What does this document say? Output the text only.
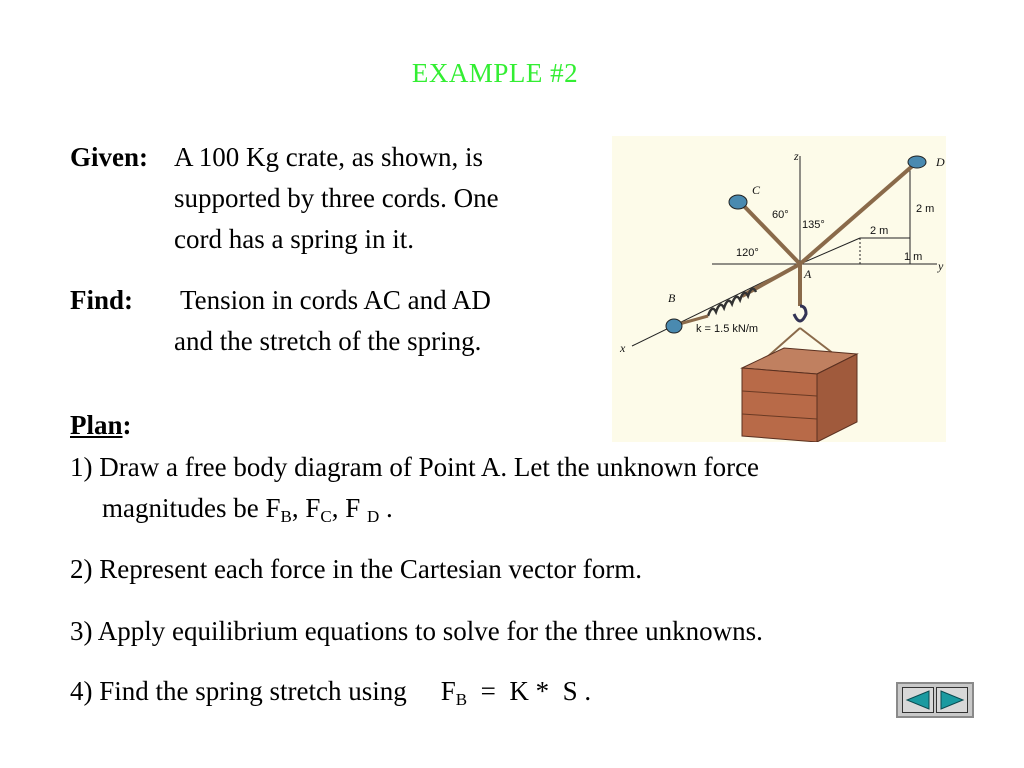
EXAMPLE #2
Given: A 100 Kg crate, as shown, is
supported by three cords. One
cord has a spring in it.
Find: Tension in cords AC and AD
and the stretch of the spring.
Plan:
1) Draw a free body diagram of Point A. Let the unknown force
magnitudes be $F_B$, $F_C$, F $_D$ .
2) Represent each force in the Cartesian vector form.
3) Apply equilibrium equations to solve for the three unknowns.
4) Find the spring stretch using $F_B = K * S$ .
z
y
x
A
B
C
D
60°
135°
120°
2 m
2 m
1 m
k = 1.5 kN/m
